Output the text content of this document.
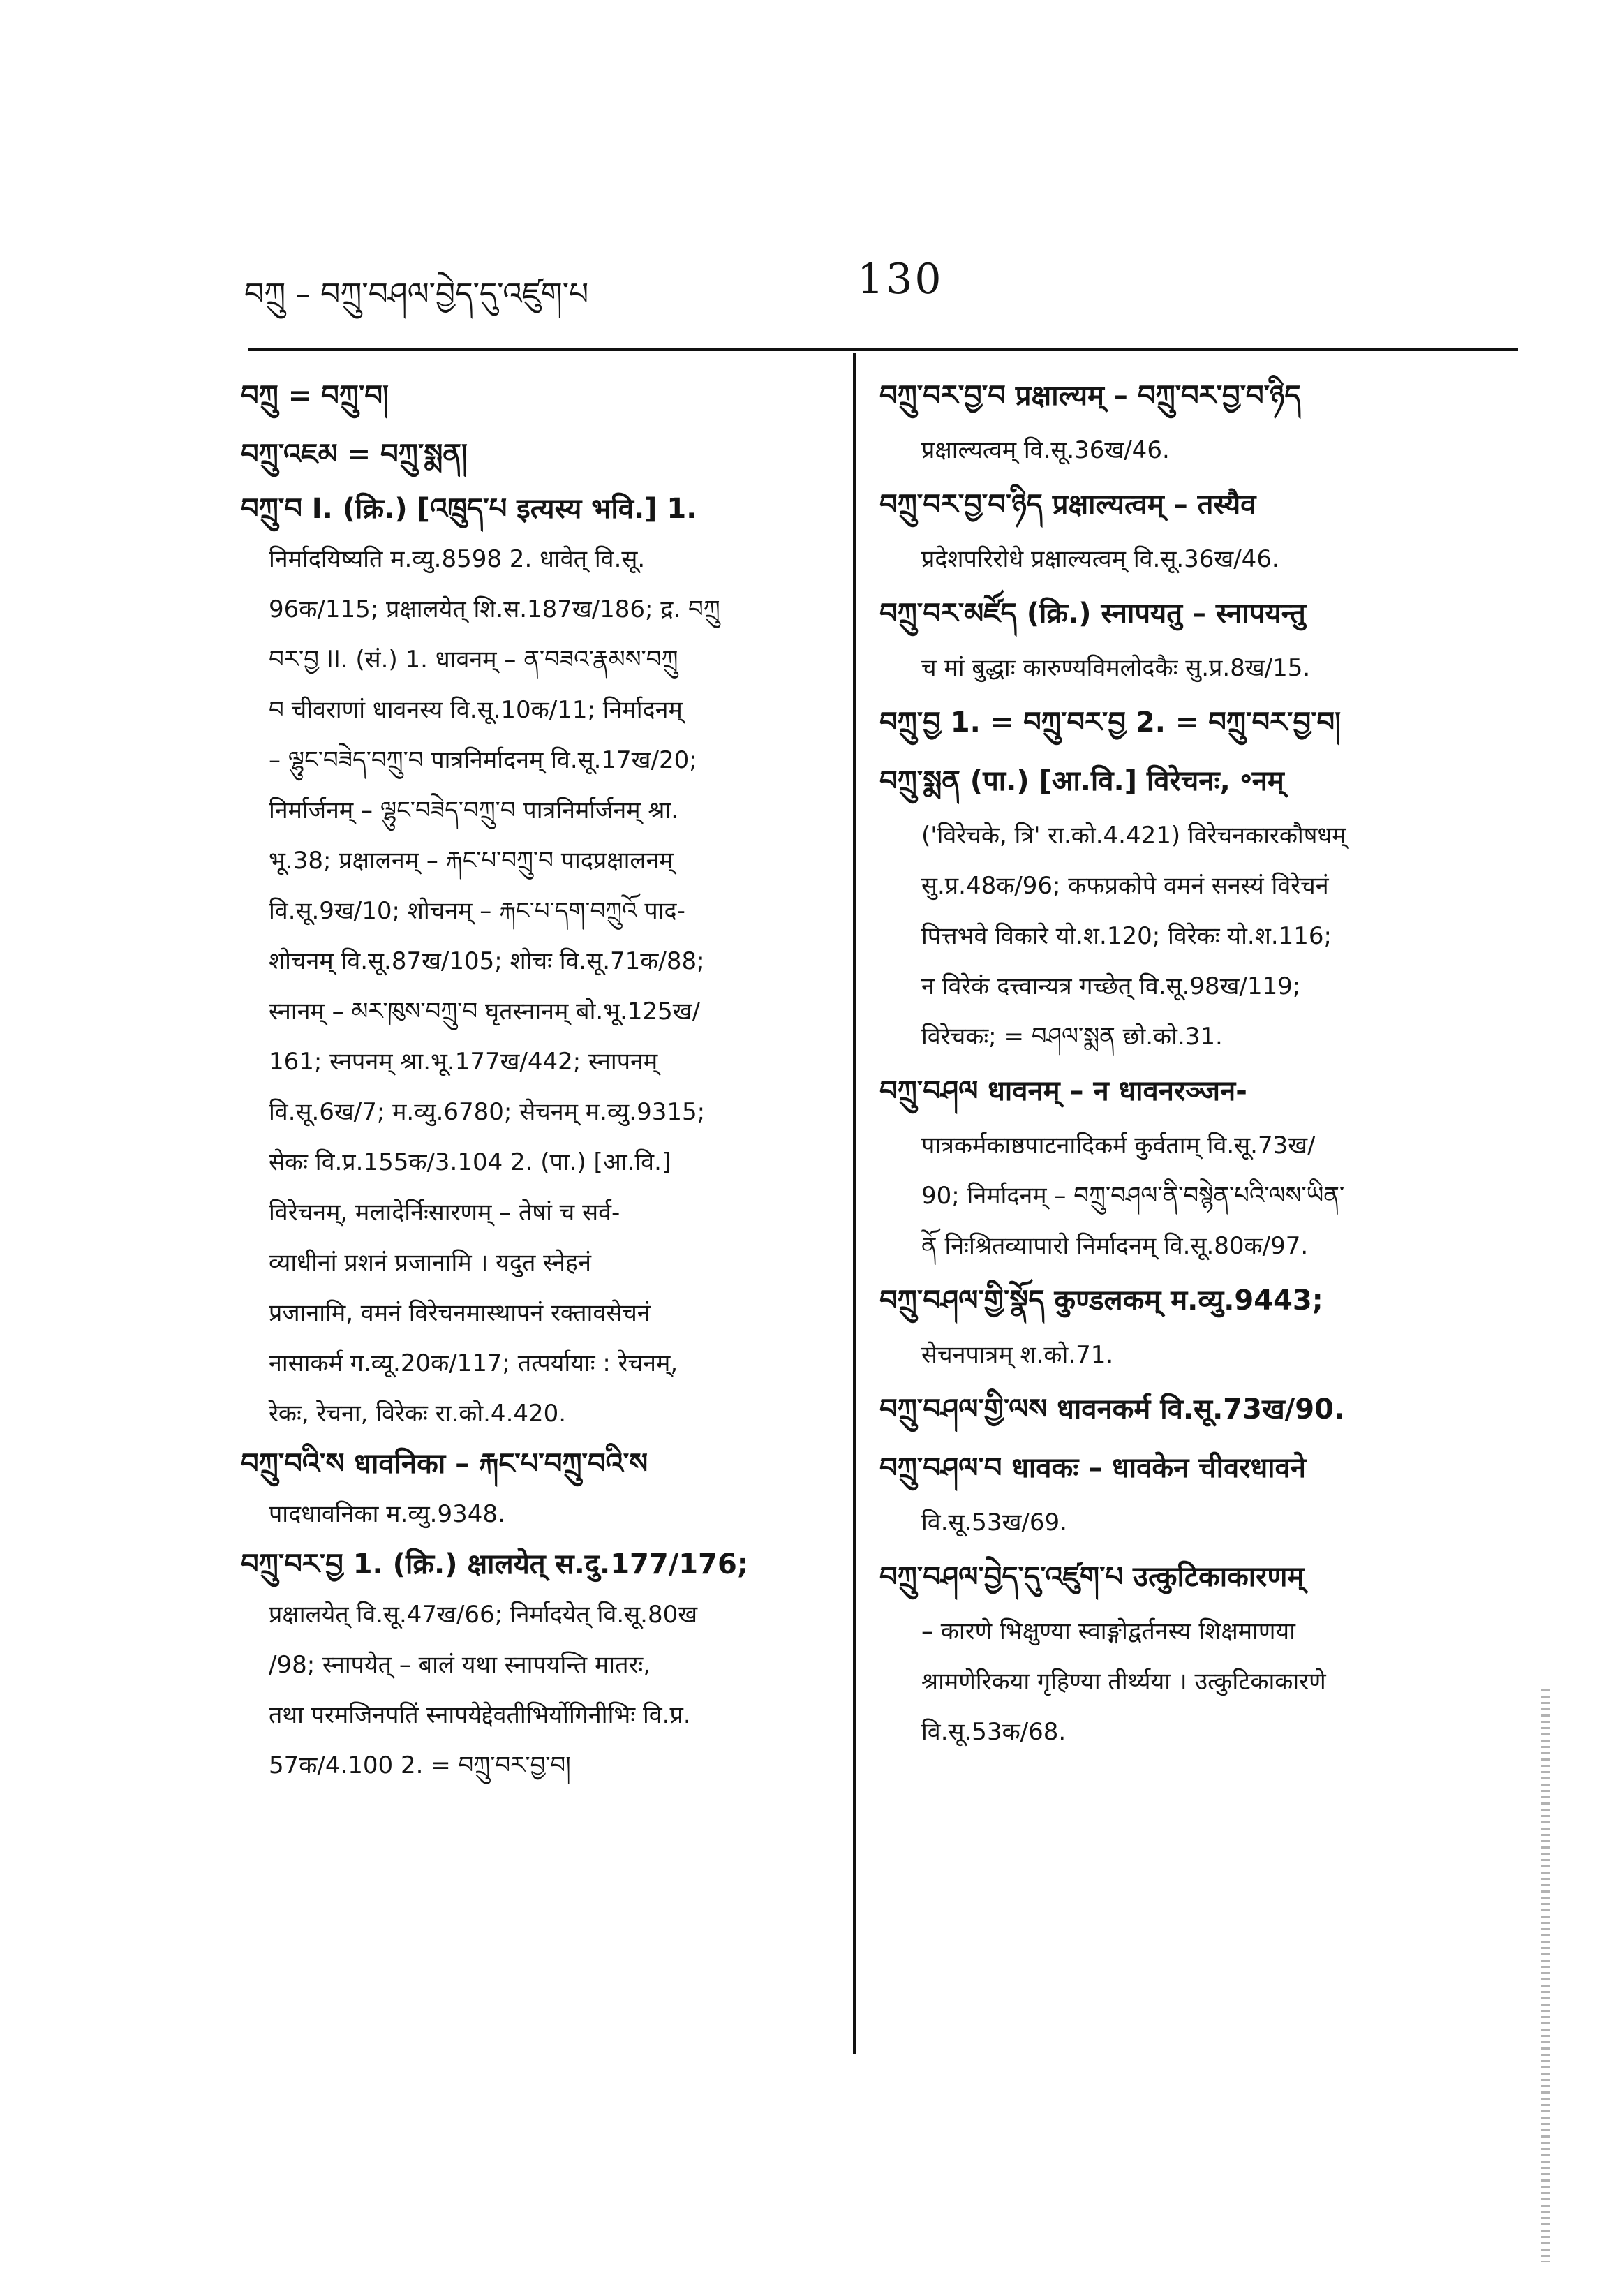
བཀྲུ – བཀྲུ་བཤལ་བྱེད་དུ་འཛུག་པ	130
བཀྲུ = བཀྲུ་བ།
བཀྲུ་འཇམ = བཀྲུ་སྨན།
བཀྲུ་བ I. (क्रि.) [འཁྲུད་པ इत्यस्य भवि.] 1.
निर्मादयिष्यति म.व्यु.8598 2. धावेत् वि.सू.
96क/115; प्रक्षालयेत् शि.स.187ख/186; द्र. བཀྲུ
བར་བྱ II. (सं.) 1. धावनम् – ན་བཟའ་རྣམས་བཀྲུ
བ चीवराणां धावनस्य वि.सू.10क/11; निर्मादनम्
– ལྷུང་བཟེད་བཀྲུ་བ पात्रनिर्मादनम् वि.सू.17ख/20;
निर्मार्जनम् – ལྷུང་བཟེད་བཀྲུ་བ पात्रनिर्मार्जनम् श्रा.
भू.38; प्रक्षालनम् – རྐང་པ་བཀྲུ་བ पादप्रक्षालनम्
वि.सू.9ख/10; शोचनम् – རྐང་པ་དག་བཀྲུའོ पाद-
शोचनम् वि.सू.87ख/105; शोचः वि.सू.71क/88;
स्नानम् – མར་ཁུས་བཀྲུ་བ घृतस्नानम् बो.भू.125ख/
161; स्नपनम् श्रा.भू.177ख/442; स्नापनम्
वि.सू.6ख/7; म.व्यु.6780; सेचनम् म.व्यु.9315;
सेकः वि.प्र.155क/3.104 2. (पा.) [आ.वि.]
विरेचनम्, मलादेर्निःसारणम् – तेषां च सर्व-
व्याधीनां प्रशनं प्रजानामि । यदुत स्नेहनं
प्रजानामि, वमनं विरेचनमास्थापनं रक्तावसेचनं
नासाकर्म ग.व्यू.20क/117; तत्पर्यायाः : रेचनम्,
रेकः, रेचना, विरेकः रा.को.4.420.
བཀྲུ་བའི་ས धावनिका – རྐང་པ་བཀྲུ་བའི་ས
पादधावनिका म.व्यु.9348.
བཀྲུ་བར་བྱ 1. (क्रि.) क्षालयेत् स.दु.177/176;
प्रक्षालयेत् वि.सू.47ख/66; निर्मादयेत् वि.सू.80ख
/98; स्नापयेत् – बालं यथा स्नापयन्ति मातरः,
तथा परमजिनपतिं स्नापयेद्देवतीभिर्योगिनीभिः वि.प्र.
57क/4.100 2. = བཀྲུ་བར་བྱ་བ།
བཀྲུ་བར་བྱ་བ प्रक्षाल्यम् – བཀྲུ་བར་བྱ་བ་ཉིད
प्रक्षाल्यत्वम् वि.सू.36ख/46.
བཀྲུ་བར་བྱ་བ་ཉིད प्रक्षाल्यत्वम् – तस्यैव
प्रदेशपरिरोधे प्रक्षाल्यत्वम् वि.सू.36ख/46.
བཀྲུ་བར་མཛོད (क्रि.) स्नापयतु – स्नापयन्तु
च मां बुद्धाः कारुण्यविमलोदकैः सु.प्र.8ख/15.
བཀྲུ་བྱ 1. = བཀྲུ་བར་བྱ 2. = བཀྲུ་བར་བྱ་བ།
བཀྲུ་སྨན (पा.) [आ.वि.] विरेचनः, ॰नम्
('विरेचके, त्रि' रा.को.4.421) विरेचनकारकौषधम्
सु.प्र.48क/96; कफप्रकोपे वमनं सनस्यं विरेचनं
पित्तभवे विकारे यो.श.120; विरेकः यो.श.116;
न विरेकं दत्त्वान्यत्र गच्छेत् वि.सू.98ख/119;
विरेचकः; = བཤལ་སྨན छो.को.31.
བཀྲུ་བཤལ धावनम् – न धावनरञ्जन-
पात्रकर्मकाष्ठपाटनादिकर्म कुर्वताम् वि.सू.73ख/
90; निर्मादनम् – བཀྲུ་བཤལ་ནི་བསྙེན་པའི་ལས་ཡིན་
ནོ निःश्रितव्यापारो निर्मादनम् वि.सू.80क/97.
བཀྲུ་བཤལ་གྱི་སྣོད कुण्डलकम् म.व्यु.9443;
सेचनपात्रम् श.को.71.
བཀྲུ་བཤལ་གྱི་ལས धावनकर्म वि.सू.73ख/90.
བཀྲུ་བཤལ་བ धावकः – धावकेन चीवरधावने
वि.सू.53ख/69.
བཀྲུ་བཤལ་བྱེད་དུ་འཛུག་པ उत्कुटिकाकारणम्
– कारणे भिक्षुण्या स्वाङ्गोद्वर्तनस्य शिक्षमाणया
श्रामणेरिकया गृहिण्या तीर्थ्यया । उत्कुटिकाकारणे
वि.सू.53क/68.
